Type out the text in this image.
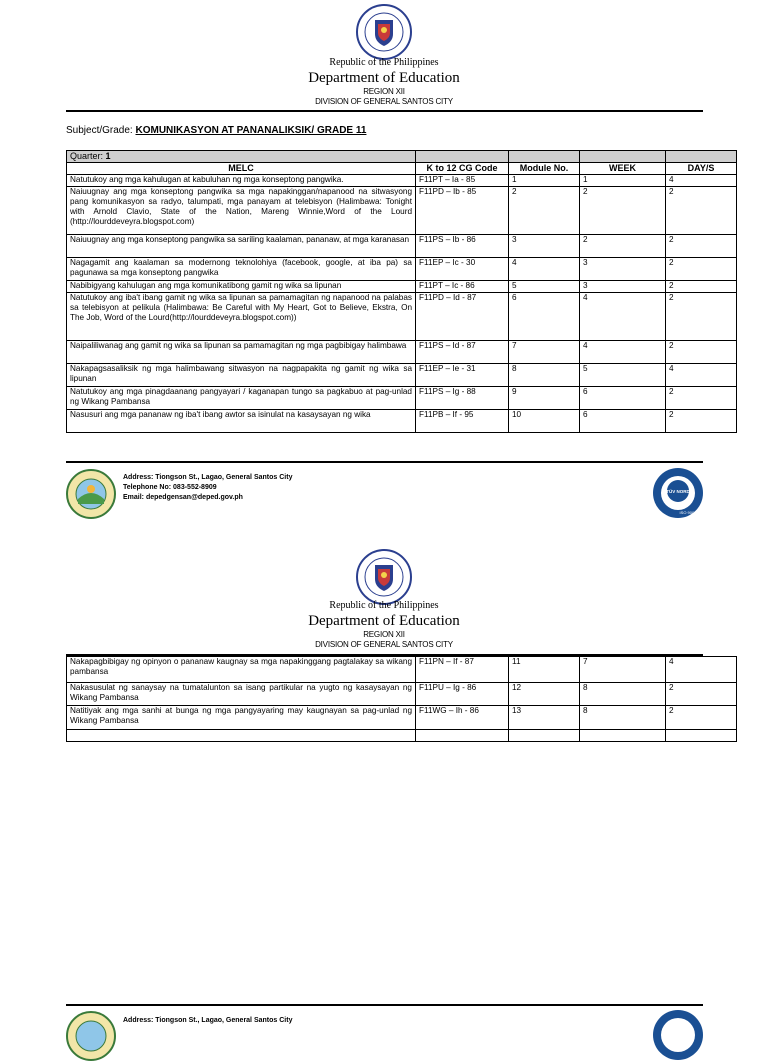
Republic of the Philippines
Department of Education
REGION XII
DIVISION OF GENERAL SANTOS CITY
Subject/Grade: KOMUNIKASYON AT PANANALIKSIK/ GRADE 11
Quarter: 1				
MELC	K to 12 CG Code	Module No.	WEEK	DAY/S
Natutukoy ang mga kahulugan at kabuluhan ng mga konseptong pangwika.	F11PT – Ia - 85	1	1	4
Naiuugnay ang mga konseptong pangwika sa mga napakinggan/napanood na sitwasyong pang komunikasyon sa radyo, talumpati, mga panayam at telebisyon (Halimbawa: Tonight with Arnold Clavio, State of the Nation, Mareng Winnie,Word of the Lourd (http://lourddeveyra.blogspot.com)	F11PD – Ib - 85	2	2	2
Naiuugnay ang mga konseptong pangwika sa sariling kaalaman, pananaw, at mga karanasan	F11PS – Ib - 86	3	2	2
Nagagamit ang kaalaman sa modernong teknolohiya (facebook, google, at iba pa) sa pagunawa sa mga konseptong pangwika	F11EP – Ic - 30	4	3	2
Nabibigyang kahulugan ang mga komunikatibong gamit ng wika sa lipunan	F11PT – Ic - 86	5	3	2
Natutukoy ang iba't ibang gamit ng wika sa lipunan sa pamamagitan ng napanood na palabas sa telebisyon at pelikula (Halimbawa: Be Careful with My Heart, Got to Believe, Ekstra, On The Job, Word of the Lourd(http://lourddeveyra.blogspot.com))	F11PD – Id - 87	6	4	2
Naipaliliwanag ang gamit ng wika sa lipunan sa pamamagitan ng mga pagbibigay halimbawa	F11PS – Id - 87	7	4	2
Nakapagsasaliksik ng mga halimbawang sitwasyon na nagpapakita ng gamit ng wika sa lipunan	F11EP – Ie - 31	8	5	4
Natutukoy ang mga pinagdaanang pangyayari / kaganapan tungo sa pagkabuo at pag-unlad ng Wikang Pambansa	F11PS – Ig - 88	9	6	2
Nasusuri ang mga pananaw ng iba't ibang awtor sa isinulat na kasaysayan ng wika	F11PB – If - 95	10	6	2
Address: Tiongson St., Lagao, General Santos City
Telephone No: 083-552-8909
Email: depedgensan@deped.gov.ph
TÜV NORD
ISO 9001
Republic of the Philippines
Department of Education
REGION XII
DIVISION OF GENERAL SANTOS CITY
Nakapagbibigay ng opinyon o pananaw kaugnay sa mga napakinggang pagtalakay sa wikang pambansa	F11PN – If - 87	11	7	4
Nakasusulat ng sanaysay na tumatalunton sa isang partikular na yugto ng kasaysayan ng Wikang Pambansa	F11PU – Ig - 86	12	8	2
Natitiyak ang mga sanhi at bunga ng mga pangyayaring may kaugnayan sa pag-unlad ng Wikang Pambansa	F11WG – Ih - 86	13	8	2

Address: Tiongson St., Lagao, General Santos City
